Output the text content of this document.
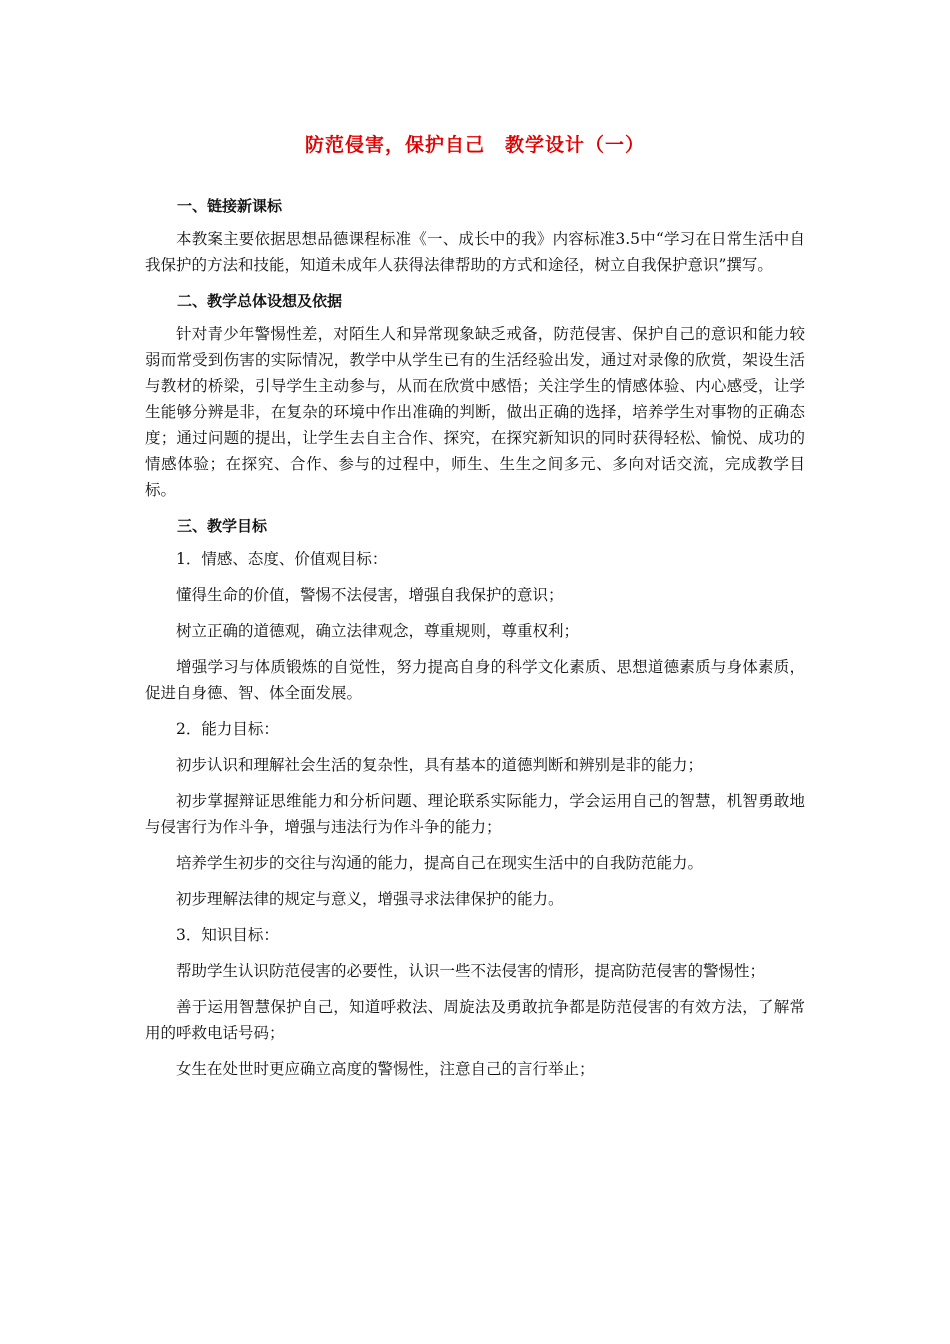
防范侵害，保护自己　教学设计（一）
一、链接新课标
本教案主要依据思想品德课程标准《一、成长中的我》内容标准3.5中“学习在日常生活中自我保护的方法和技能，知道未成年人获得法律帮助的方式和途径，树立自我保护意识”撰写。
二、教学总体设想及依据
针对青少年警惕性差，对陌生人和异常现象缺乏戒备，防范侵害、保护自己的意识和能力较弱而常受到伤害的实际情况，教学中从学生已有的生活经验出发，通过对录像的欣赏，架设生活与教材的桥梁，引导学生主动参与，从而在欣赏中感悟；关注学生的情感体验、内心感受，让学生能够分辨是非，在复杂的环境中作出准确的判断，做出正确的选择，培养学生对事物的正确态度；通过问题的提出，让学生去自主合作、探究，在探究新知识的同时获得轻松、愉悦、成功的情感体验；在探究、合作、参与的过程中，师生、生生之间多元、多向对话交流，完成教学目标。
三、教学目标
1．情感、态度、价值观目标：
懂得生命的价值，警惕不法侵害，增强自我保护的意识；
树立正确的道德观，确立法律观念，尊重规则，尊重权利；
增强学习与体质锻炼的自觉性，努力提高自身的科学文化素质、思想道德素质与身体素质，促进自身德、智、体全面发展。
2．能力目标：
初步认识和理解社会生活的复杂性，具有基本的道德判断和辨别是非的能力；
初步掌握辩证思维能力和分析问题、理论联系实际能力，学会运用自己的智慧，机智勇敢地与侵害行为作斗争，增强与违法行为作斗争的能力；
培养学生初步的交往与沟通的能力，提高自己在现实生活中的自我防范能力。
初步理解法律的规定与意义，增强寻求法律保护的能力。
3．知识目标：
帮助学生认识防范侵害的必要性，认识一些不法侵害的情形，提高防范侵害的警惕性；
善于运用智慧保护自己，知道呼救法、周旋法及勇敢抗争都是防范侵害的有效方法，了解常用的呼救电话号码；
女生在处世时更应确立高度的警惕性，注意自己的言行举止；
